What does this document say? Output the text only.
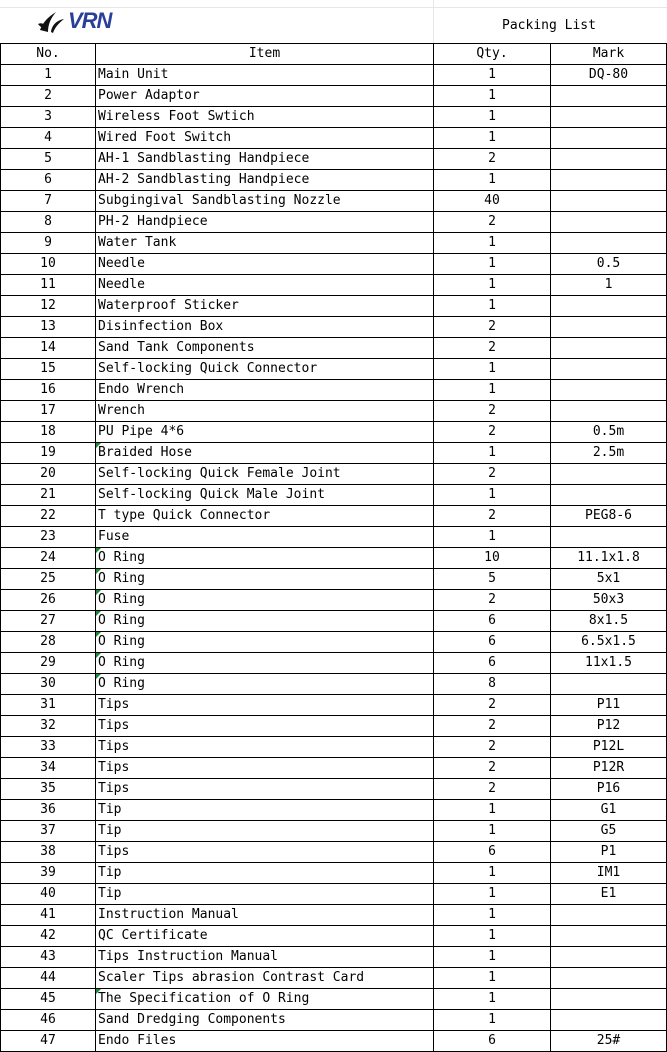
VRN	Packing List
No.	Item	Qty.	Mark
1	Main Unit	1	DQ-80
2	Power Adaptor	1	
3	Wireless Foot Swtich	1	
4	Wired Foot Switch	1	
5	AH-1 Sandblasting Handpiece	2	
6	AH-2 Sandblasting Handpiece	1	
7	Subgingival Sandblasting Nozzle	40	
8	PH-2 Handpiece	2	
9	Water Tank	1	
10	Needle	1	0.5
11	Needle	1	1
12	Waterproof Sticker	1	
13	Disinfection Box	2	
14	Sand Tank Components	2	
15	Self-locking Quick Connector	1	
16	Endo Wrench	1	
17	Wrench	2	
18	PU Pipe 4*6	2	0.5m
19	Braided Hose	1	2.5m
20	Self-locking Quick Female Joint	2	
21	Self-locking Quick Male Joint	1	
22	T type Quick Connector	2	PEG8-6
23	Fuse	1	
24	O Ring	10	11.1x1.8
25	O Ring	5	5x1
26	O Ring	2	50x3
27	O Ring	6	8x1.5
28	O Ring	6	6.5x1.5
29	O Ring	6	11x1.5
30	O Ring	8	
31	Tips	2	P11
32	Tips	2	P12
33	Tips	2	P12L
34	Tips	2	P12R
35	Tips	2	P16
36	Tip	1	G1
37	Tip	1	G5
38	Tips	6	P1
39	Tip	1	IM1
40	Tip	1	E1
41	Instruction Manual	1	
42	QC Certificate	1	
43	Tips Instruction Manual	1	
44	Scaler Tips abrasion Contrast Card	1	
45	The Specification of O Ring	1	
46	Sand Dredging Components	1	
47	Endo Files	6	25#
